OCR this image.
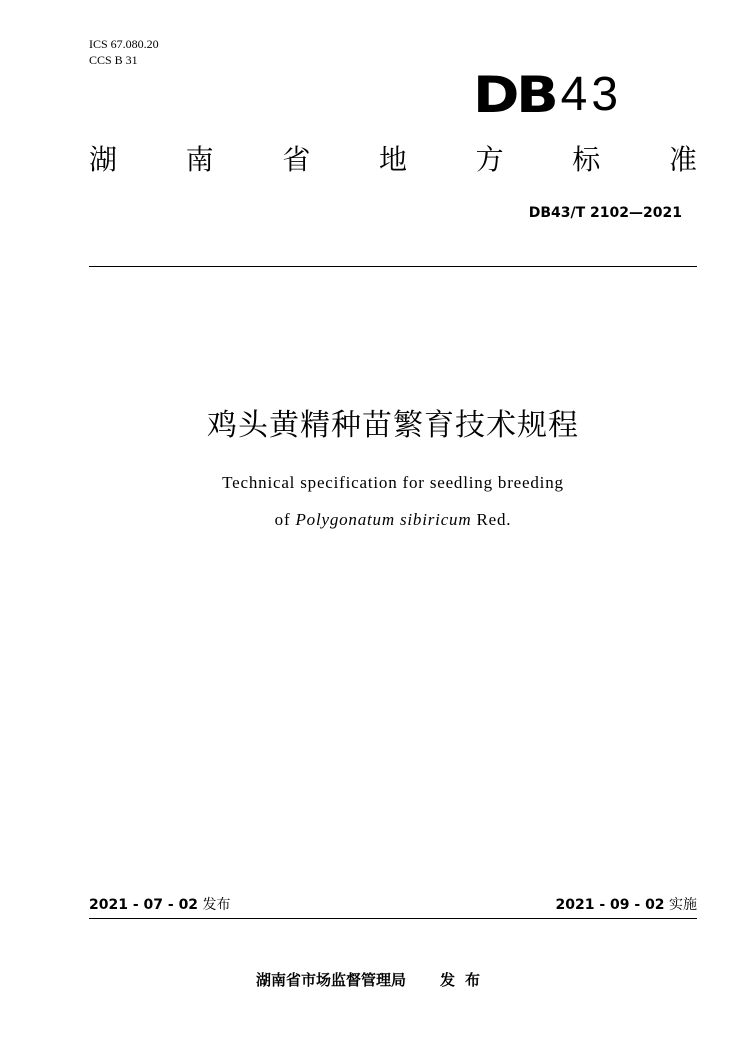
ICS 67.080.20
CCS B 31
DB 43
湖 南 省 地 方 标 准
DB43/T 2102—2021
鸡头黄精种苗繁育技术规程
Technical specification for seedling breeding
of Polygonatum sibiricum Red.
2021 - 07 - 02 发布	2021 - 09 - 02 实施
湖南省市场监督管理局 发布
